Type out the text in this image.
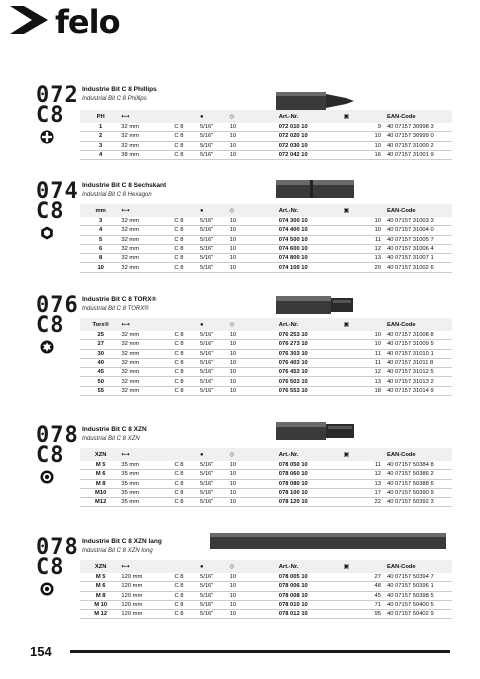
felo
072
C8
Industrie Bit C 8 Phillips
Industrial Bit C 8 Phillips
PH	⟷		●	◇	Art.-Nr.	▣	EAN-Code
1	32 mm	C 8	5/16"	10	072 010 10	9	40 07157 30998 3
2	32 mm	C 8	5/16"	10	072 020 10	10	40 07157 30999 0
3	32 mm	C 8	5/16"	10	072 030 10	10	40 07157 31000 2
4	38 mm	C 8	5/16"	10	072 042 10	16	40 07157 31001 9
074
C8
Industrie Bit C 8 Sechskant
Industrial Bit C 8 Hexagon
mm	⟷		●	◇	Art.-Nr.	▣	EAN-Code
3	32 mm	C 8	5/16"	10	074 300 10	10	40 07157 31003 3
4	32 mm	C 8	5/16"	10	074 400 10	10	40 07157 31004 0
5	32 mm	C 8	5/16"	10	074 500 10	11	40 07157 31005 7
6	32 mm	C 8	5/16"	10	074 600 10	12	40 07157 31006 4
8	32 mm	C 8	5/16"	10	074 800 10	13	40 07157 31007 1
10	32 mm	C 8	5/16"	10	074 100 10	20	40 07157 31002 6
076
C8
Industrie Bit C 8 TORX®
Industrial Bit C 8 TORX®
Torx®	⟷		●	◇	Art.-Nr.	▣	EAN-Code
25	32 mm	C 8	5/16"	10	076 253 10	10	40 07157 31008 8
27	32 mm	C 8	5/16"	10	076 273 10	10	40 07157 31009 5
30	32 mm	C 8	5/16"	10	076 303 10	11	40 07157 31010 1
40	32 mm	C 8	5/16"	10	076 403 10	11	40 07157 31011 8
45	32 mm	C 8	5/16"	10	076 453 10	12	40 07157 31012 5
50	32 mm	C 8	5/16"	10	076 503 10	13	40 07157 31013 2
55	32 mm	C 8	5/16"	10	076 553 10	18	40 07157 31014 9
078
C8
Industrie Bit C 8 XZN
Industrial Bit C 8 XZN
XZN	⟷		●	◇	Art.-Nr.	▣	EAN-Code
M 5	35 mm	C 8	5/16"	10	078 050 10	11	40 07157 50384 8
M 6	35 mm	C 8	5/16"	10	078 060 10	12	40 07157 50386 2
M 8	35 mm	C 8	5/16"	10	078 080 10	13	40 07157 50388 6
M10	35 mm	C 8	5/16"	10	078 100 10	17	40 07157 50390 9
M12	35 mm	C 8	5/16"	10	078 120 10	22	40 07157 50392 3
078
C8
Industrie Bit C 8 XZN lang
Industrial Bit C 8 XZN long
XZN	⟷		●	◇	Art.-Nr.	▣	EAN-Code
M 5	120 mm	C 8	5/16"	10	078 005 10	27	40 07157 50394 7
M 6	120 mm	C 8	5/16"	10	078 006 10	48	40 07157 50396 1
M 8	120 mm	C 8	5/16"	10	078 008 10	45	40 07157 50398 5
M 10	120 mm	C 8	5/16"	10	078 010 10	71	40 07157 50400 5
M 12	120 mm	C 8	5/16"	10	078 012 10	95	40 07157 50402 9
154
